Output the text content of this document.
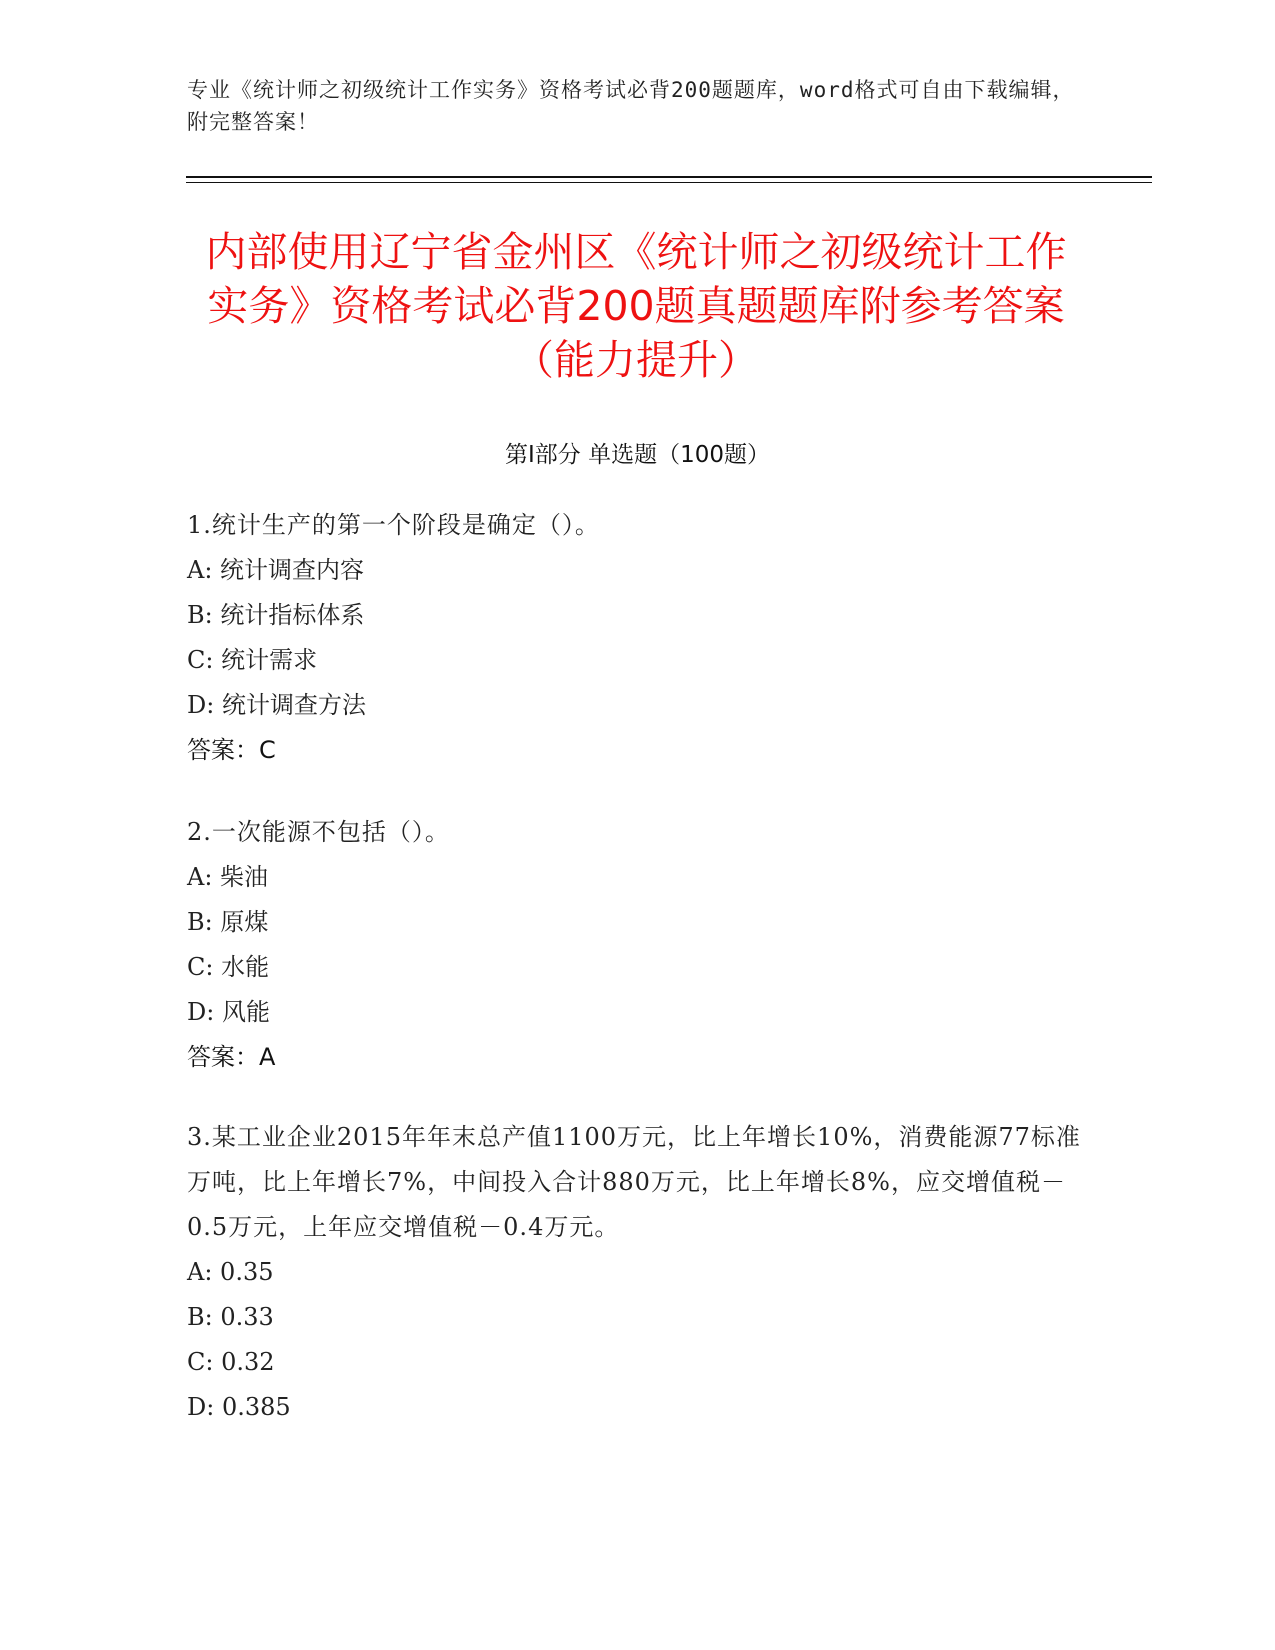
专业《统计师之初级统计工作实务》资格考试必背200题题库，word格式可自由下载编辑，附完整答案！
内部使用辽宁省金州区《统计师之初级统计工作实务》资格考试必背200题真题题库附参考答案（能力提升）
第Ⅰ部分 单选题（100题）
1.统计生产的第一个阶段是确定（）。
A: 统计调查内容
B: 统计指标体系
C: 统计需求
D: 统计调查方法
答案：C
2.一次能源不包括（）。
A: 柴油
B: 原煤
C: 水能
D: 风能
答案：A
3.某工业企业2015年年末总产值1100万元，比上年增长10%，消费能源77标准万吨，比上年增长7%，中间投入合计880万元，比上年增长8%，应交增值税－0.5万元，上年应交增值税－0.4万元。
A: 0.35
B: 0.33
C: 0.32
D: 0.385
